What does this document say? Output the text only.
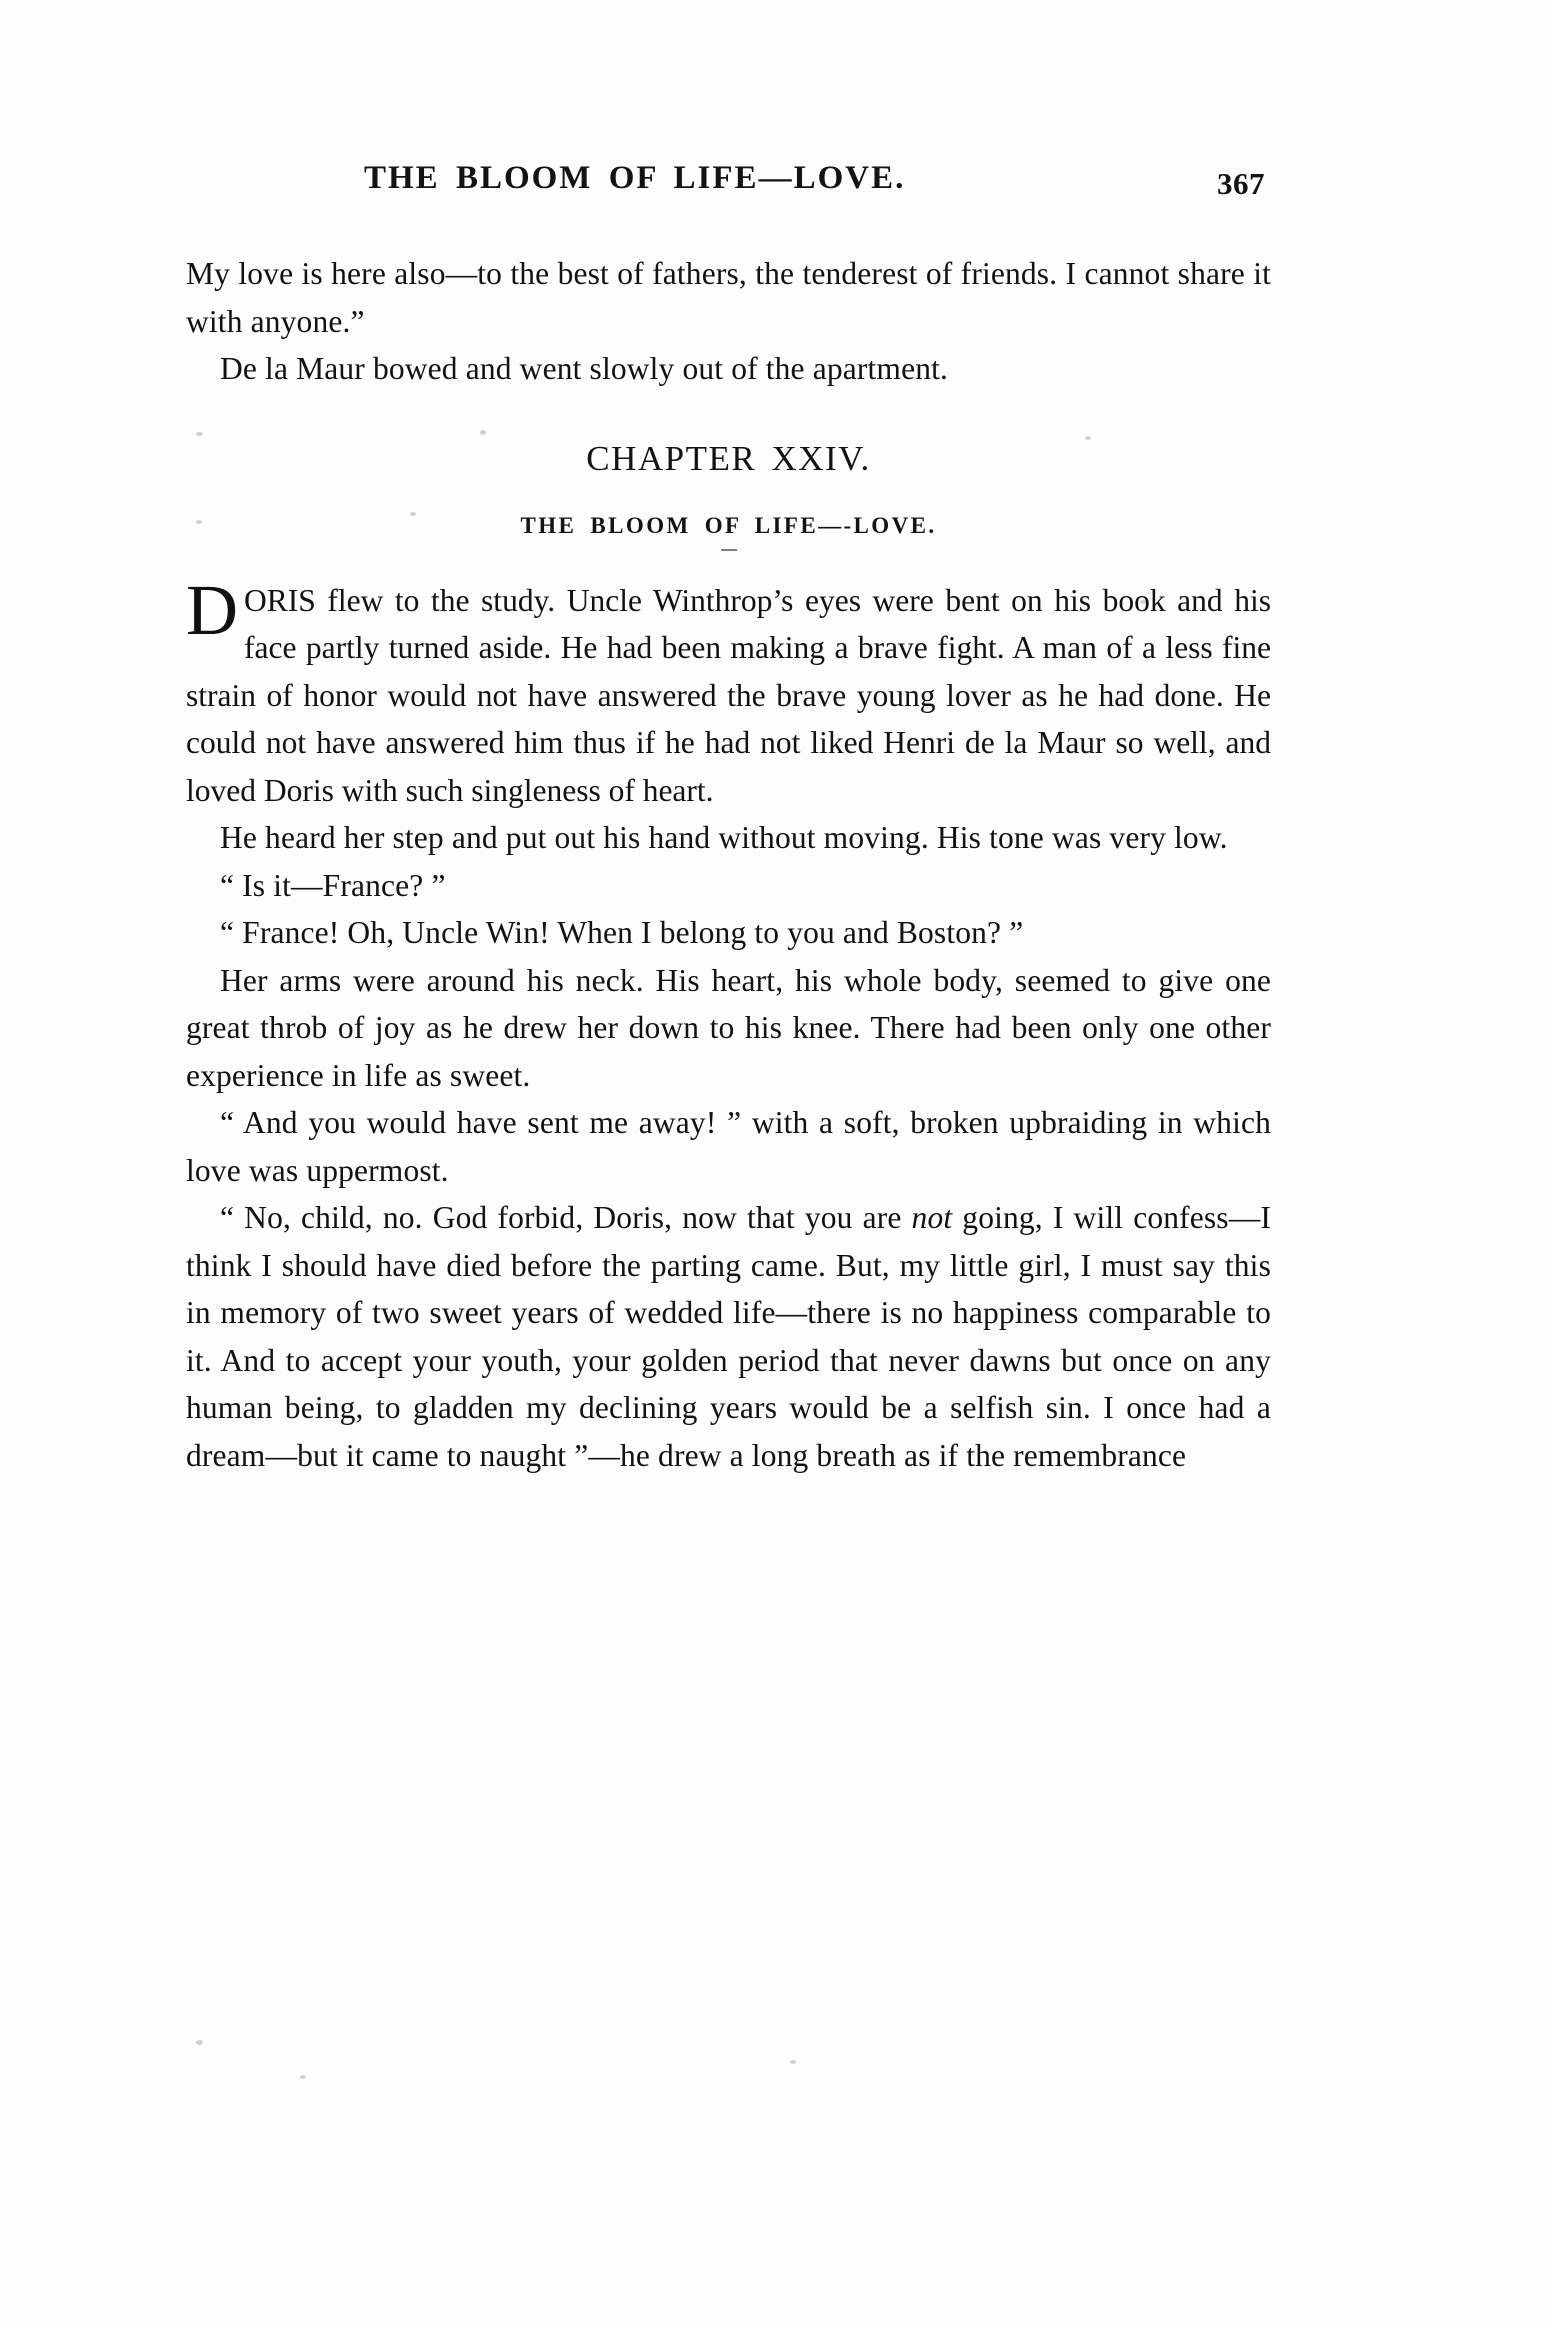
THE BLOOM OF LIFE—LOVE.	367

My love is here also—to the best of fathers, the tenderest of friends. I cannot share it with anyone.”

De la Maur bowed and went slowly out of the apartment.

CHAPTER XXIV.
THE BLOOM OF LIFE—-LOVE.

DORIS flew to the study. Uncle Winthrop’s eyes were bent on his book and his face partly turned aside. He had been making a brave fight. A man of a less fine strain of honor would not have answered the brave young lover as he had done. He could not have answered him thus if he had not liked Henri de la Maur so well, and loved Doris with such singleness of heart.

He heard her step and put out his hand without moving. His tone was very low.

“ Is it—France? ”

“ France! Oh, Uncle Win! When I belong to you and Boston? ”

Her arms were around his neck. His heart, his whole body, seemed to give one great throb of joy as he drew her down to his knee. There had been only one other experience in life as sweet.

“ And you would have sent me away! ” with a soft, broken upbraiding in which love was uppermost.

“ No, child, no. God forbid, Doris, now that you are not going, I will confess—I think I should have died before the parting came. But, my little girl, I must say this in memory of two sweet years of wedded life—there is no happiness comparable to it. And to accept your youth, your golden period that never dawns but once on any human being, to gladden my declining years would be a selfish sin. I once had a dream—but it came to naught ”—he drew a long breath as if the remembrance
